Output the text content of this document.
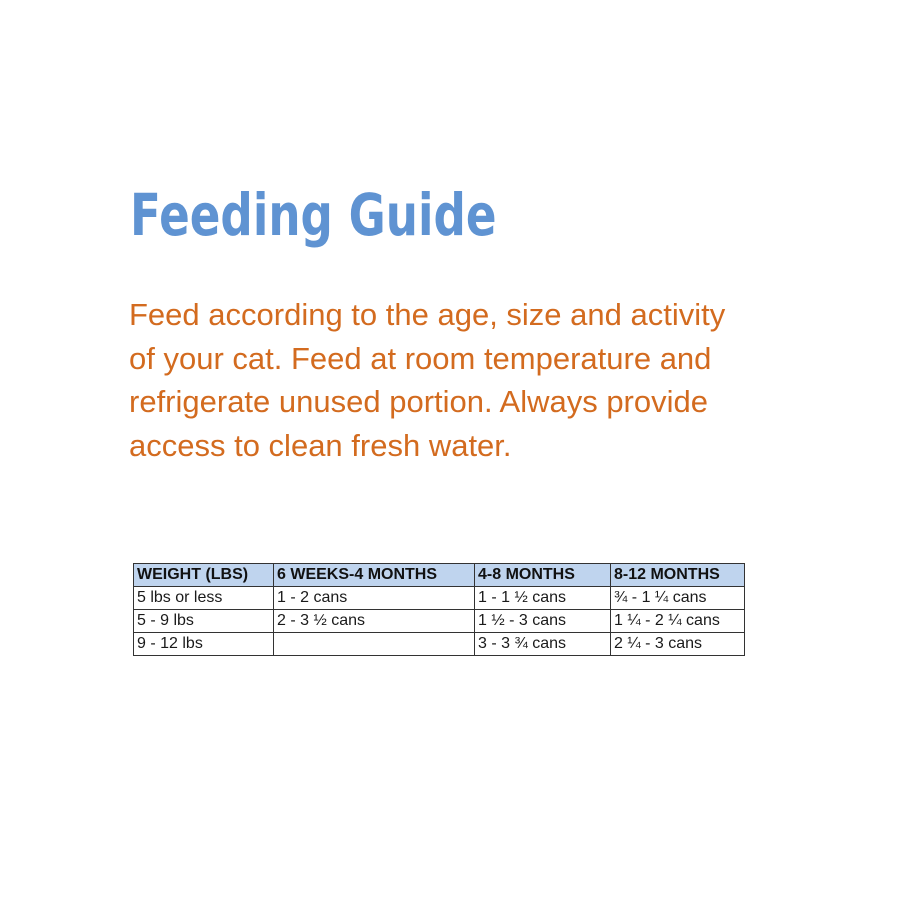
Feeding Guide

Feed according to the age, size and activity of your cat. Feed at room temperature and refrigerate unused portion. Always provide access to clean fresh water.

WEIGHT (LBS)	6 WEEKS-4 MONTHS	4-8 MONTHS	8-12 MONTHS
5 lbs or less	1 - 2 cans	1 - 1 ½ cans	¾ - 1 ¼ cans
5 - 9 lbs	2 - 3 ½ cans	1 ½ - 3 cans	1 ¼ - 2 ¼ cans
9 - 12 lbs		3 - 3 ¾ cans	2 ¼ - 3 cans
